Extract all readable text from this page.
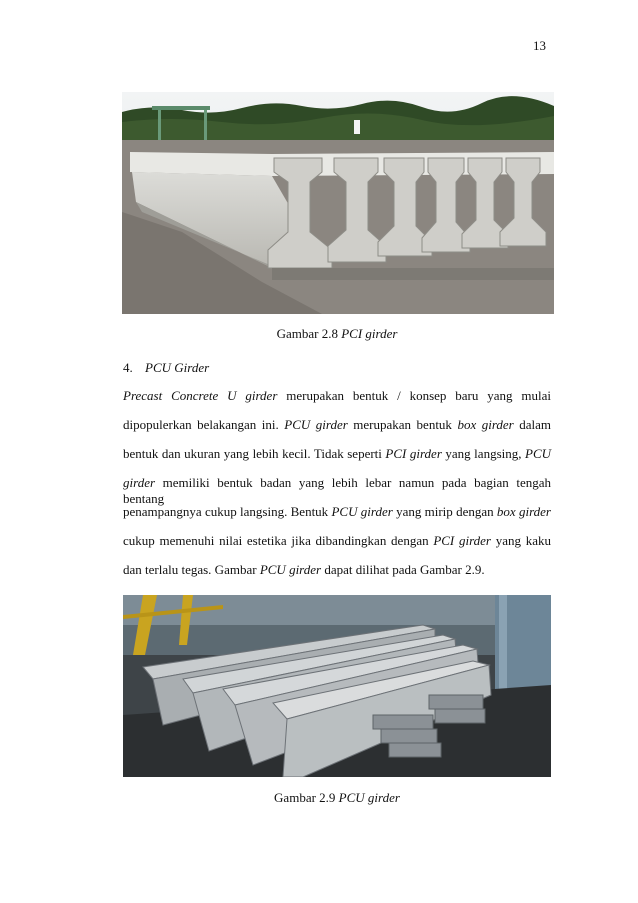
13
Gambar 2.8 PCI girder
4. PCU Girder
Precast Concrete U girder merupakan bentuk / konsep baru yang mulai
dipopulerkan belakangan ini. PCU girder merupakan bentuk box girder dalam
bentuk dan ukuran yang lebih kecil. Tidak seperti PCI girder yang langsing, PCU
girder memiliki bentuk badan yang lebih lebar namun pada bagian tengah bentang
penampangnya cukup langsing. Bentuk PCU girder yang mirip dengan box girder
cukup memenuhi nilai estetika jika dibandingkan dengan PCI girder yang kaku
dan terlalu tegas. Gambar PCU girder dapat dilihat pada Gambar 2.9.
Gambar 2.9 PCU girder
